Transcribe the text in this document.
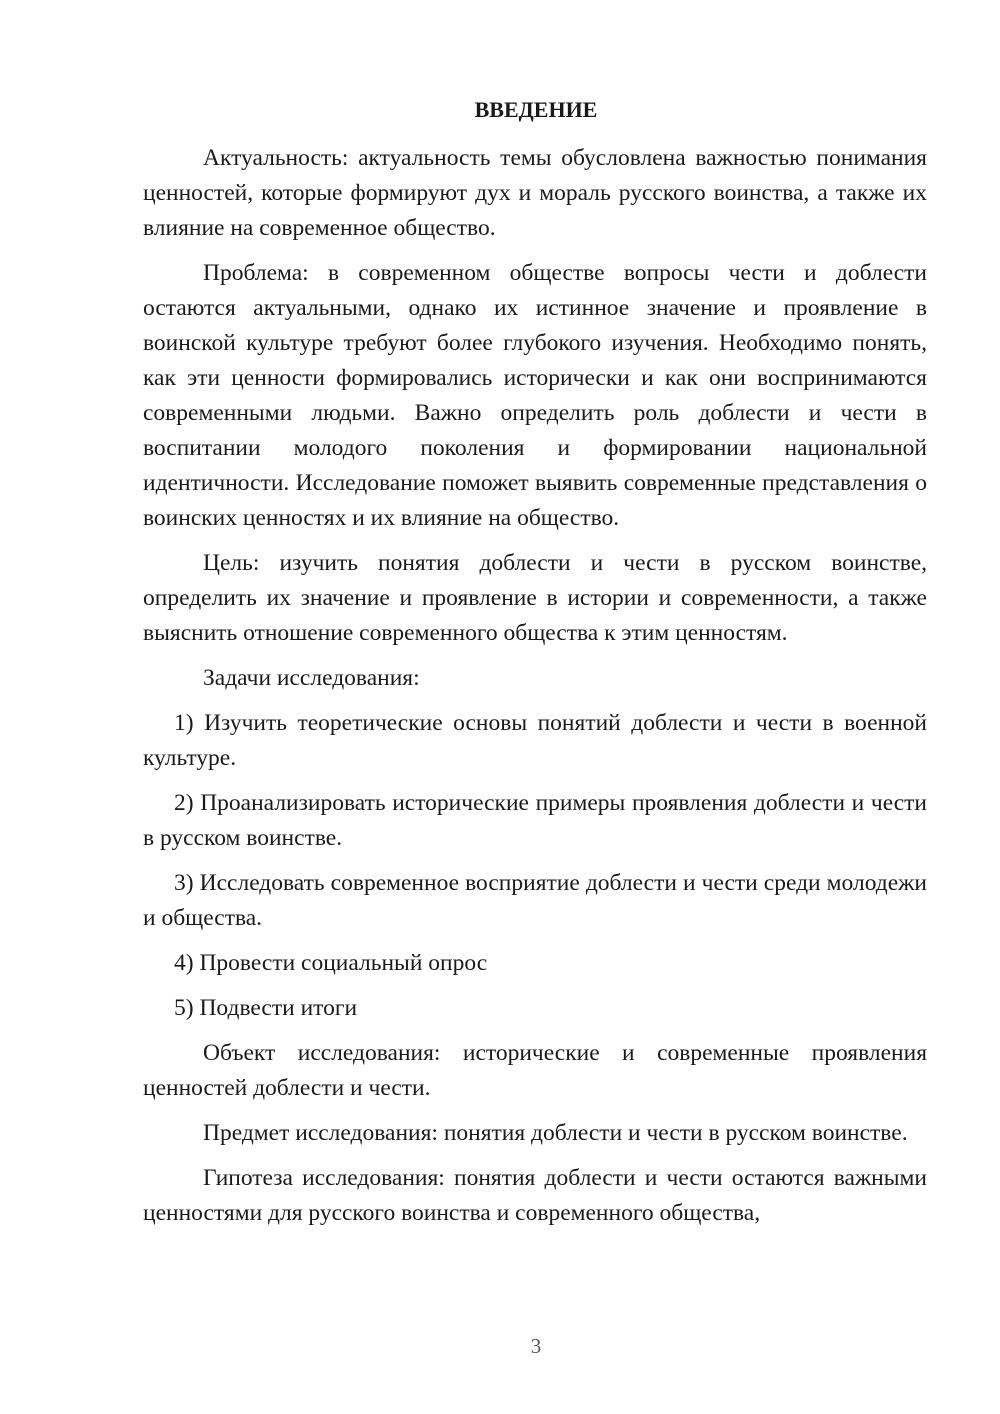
ВВЕДЕНИЕ

Актуальность: актуальность темы обусловлена важностью понимания ценностей, которые формируют дух и мораль русского воинства, а также их влияние на современное общество.

Проблема: в современном обществе вопросы чести и доблести остаются актуальными, однако их истинное значение и проявление в воинской культуре требуют более глубокого изучения. Необходимо понять, как эти ценности формировались исторически и как они воспринимаются современными людьми. Важно определить роль доблести и чести в воспитании молодого поколения и формировании национальной идентичности. Исследование поможет выявить современные представления о воинских ценностях и их влияние на общество.

Цель: изучить понятия доблести и чести в русском воинстве, определить их значение и проявление в истории и современности, а также выяснить отношение современного общества к этим ценностям.

Задачи исследования:

1) Изучить теоретические основы понятий доблести и чести в военной культуре.

2) Проанализировать исторические примеры проявления доблести и чести в русском воинстве.

3) Исследовать современное восприятие доблести и чести среди молодежи и общества.

4) Провести социальный опрос

5) Подвести итоги

Объект исследования: исторические и современные проявления ценностей доблести и чести.

Предмет исследования: понятия доблести и чести в русском воинстве.

Гипотеза исследования: понятия доблести и чести остаются важными ценностями для русского воинства и современного общества,

3
